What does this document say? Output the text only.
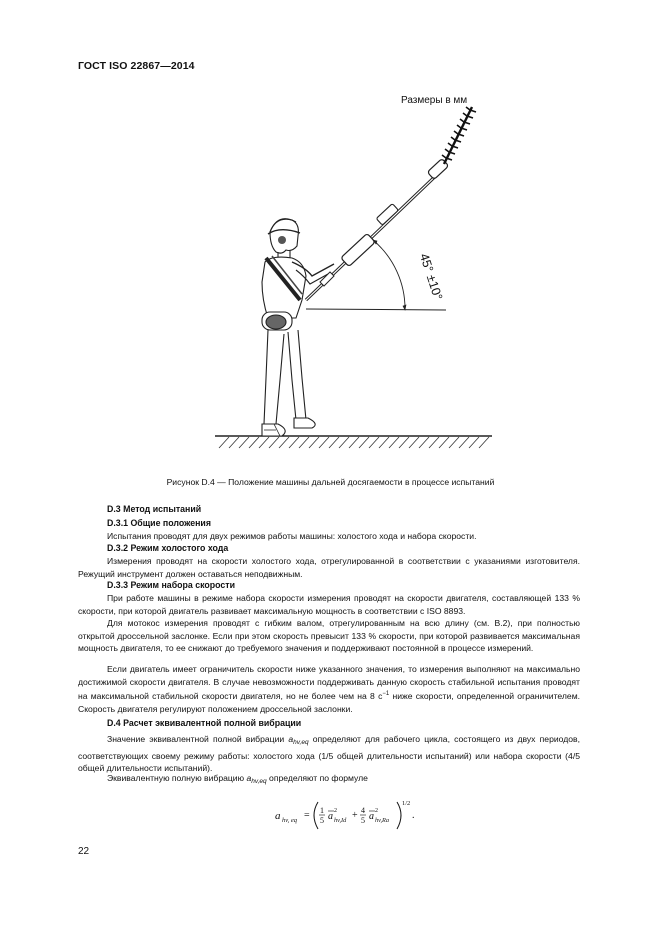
ГОСТ ISO 22867—2014
Размеры в мм
45° ±10°
Рисунок D.4 — Положение машины дальней досягаемости в процессе испытаний
D.3 Метод испытаний
D.3.1 Общие положения
Испытания проводят для двух режимов работы машины: холостого хода и набора скорости.
D.3.2 Режим холостого хода
Измерения проводят на скорости холостого хода, отрегулированной в соответствии с указаниями изготовителя. Режущий инструмент должен оставаться неподвижным.
D.3.3 Режим набора скорости
При работе машины в режиме набора скорости измерения проводят на скорости двигателя, составляющей 133 % скорости, при которой двигатель развивает максимальную мощность в соответствии с ISO 8893.
Для мотокос измерения проводят с гибким валом, отрегулированным на всю длину (см. В.2), при полностью открытой дроссельной заслонке. Если при этом скорость превысит 133 % скорости, при которой развивается максимальная мощность двигателя, то ее снижают до требуемого значения и поддерживают постоянной в процессе измерений.
Если двигатель имеет ограничитель скорости ниже указанного значения, то измерения выполняют на максимально достижимой скорости двигателя. В случае невозможности поддерживать данную скорость стабильной испытания проводят на максимальной стабильной скорости двигателя, но не более чем на 8 $с^{-1}$ ниже скорости, определенной ограничителем. Скорость двигателя регулируют положением дроссельной заслонки.
D.4 Расчет эквивалентной полной вибрации
Значение эквивалентной полной вибрации $a_{hv,eq}$ определяют для рабочего цикла, состоящего из двух периодов, соответствующих своему режиму работы: холостого хода (1/5 общей длительности испытаний) или набора скорости (4/5 общей длительности испытаний).
Эквивалентную полную вибрацию $a_{hv,eq}$ определяют по формуле
a hv, eq = 1
5 a 2
hv,Id + 4
5 a 2
hv,Ra
1/2
.
22
